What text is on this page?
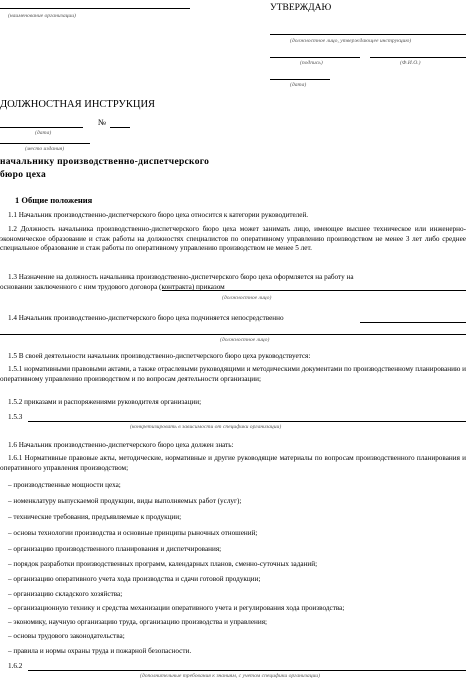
(наименование организации)
УТВЕРЖДАЮ
(должностное лицо, утверждающее инструкцию)
(подпись)	(Ф.И.О.)
(дата)
ДОЛЖНОСТНАЯ ИНСТРУКЦИЯ
№
(дата)
(место издания)
начальнику производственно-диспетчерского
бюро цеха
1 Общие положения
1.1 Начальник производственно-диспетчерского бюро цеха относится к категории руководителей.
1.2 Должность начальника производственно-диспетчерского бюро цеха может занимать лицо, имеющее высшее техническое или инженерно-экономическое образование и стаж работы на должностях специалистов по оперативному управлению производством не менее 3 лет либо среднее специальное образование и стаж работы по оперативному управлению производством не менее 5 лет.
1.3 Назначение на должность начальника производственно-диспетчерского бюро цеха оформляется на работу на основании заключенного с ним трудового договора (контракта) приказом
(должностное лицо)
1.4 Начальник производственно-диспетчерского бюро цеха подчиняется непосредственно
(должностное лицо)
1.5 В своей деятельности начальник производственно-диспетчерского бюро цеха руководствуется:
1.5.1 нормативными правовыми актами, а также отраслевыми руководящими и методическими документами по производственному планированию и оперативному управлению производством и по вопросам деятельности организации;
1.5.2 приказами и распоряжениями руководителя организации;
1.5.3
(конкретизировать в зависимости от специфики организации)
1.6 Начальник производственно-диспетчерского бюро цеха должен знать:
1.6.1 Нормативные правовые акты, методические, нормативные и другие руководящие материалы по вопросам производственного планирования и оперативного управления производством;
– производственные мощности цеха;
– номенклатуру выпускаемой продукции, виды выполняемых работ (услуг);
– технические требования, предъявляемые к продукции;
– основы технологии производства и основные принципы рыночных отношений;
– организацию производственного планирования и диспетчирования;
– порядок разработки производственных программ, календарных планов, сменно-суточных заданий;
– организацию оперативного учета хода производства и сдачи готовой продукции;
– организацию складского хозяйства;
– организационную технику и средства механизации оперативного учета и регулирования хода производства;
– экономику, научную организацию труда, организацию производства и управления;
– основы трудового законодательства;
– правила и нормы охраны труда и пожарной безопасности.
1.6.2
(дополнительные требования к знаниям, с учетом специфики организации)
